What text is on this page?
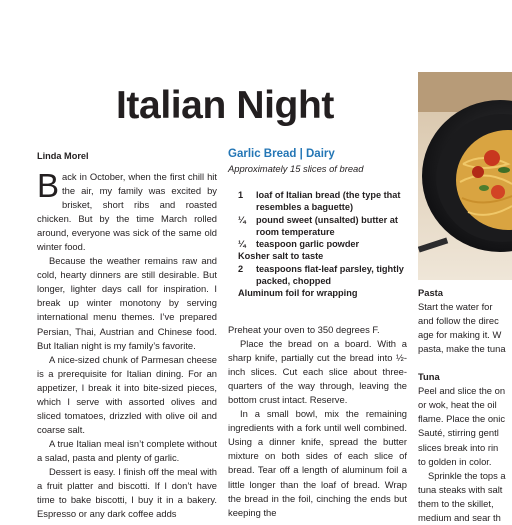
Italian Night
Linda Morel

Back in October, when the first chill hit the air, my family was excited by brisket, short ribs and roasted chicken. But by the time March rolled around, everyone was sick of the same old winter food.

Because the weather remains raw and cold, hearty dinners are still desirable. But longer, lighter days call for inspiration. I break up winter monotony by serving international menu themes. I’ve prepared Persian, Thai, Austrian and Chinese food. But Italian night is my family’s favorite.

A nice-sized chunk of Parmesan cheese is a prerequisite for Italian dining. For an appetizer, I break it into bite-sized pieces, which I serve with assorted olives and sliced tomatoes, drizzled with olive oil and coarse salt.

A true Italian meal isn’t complete without a salad, pasta and plenty of garlic.

Dessert is easy. I finish off the meal with a fruit platter and biscotti. If I don’t have time to bake biscotti, I buy it in a bakery. Espresso or any dark coffee adds

Garlic Bread | Dairy
Approximately 15 slices of bread
1	loaf of Italian bread (the type that resembles a baguette)
¼	pound sweet (unsalted) butter at room temperature
¼	teaspoon garlic powder
Kosher salt to taste
2	teaspoons flat-leaf parsley, tightly packed, chopped
Aluminum foil for wrapping

Preheat your oven to 350 degrees F.

Place the bread on a board. With a sharp knife, partially cut the bread into ½-inch slices. Cut each slice about three-quarters of the way through, leaving the bottom crust intact. Reserve.

In a small bowl, mix the remaining ingredients with a fork until well combined. Using a dinner knife, spread the butter mixture on both sides of each slice of bread. Tear off a length of aluminum foil a little longer than the loaf of bread. Wrap the bread in the foil, cinching the ends but keeping the

Pasta

Start the water for

and follow the direc

age for making it. W

pasta, make the tuna

Tuna

Peel and slice the on

or wok, heat the oil

flame. Place the onic

Sauté, stirring gentl

slices break into rin

to golden in color.

Sprinkle the tops a

tuna steaks with salt

them to the skillet,

medium and sear th
